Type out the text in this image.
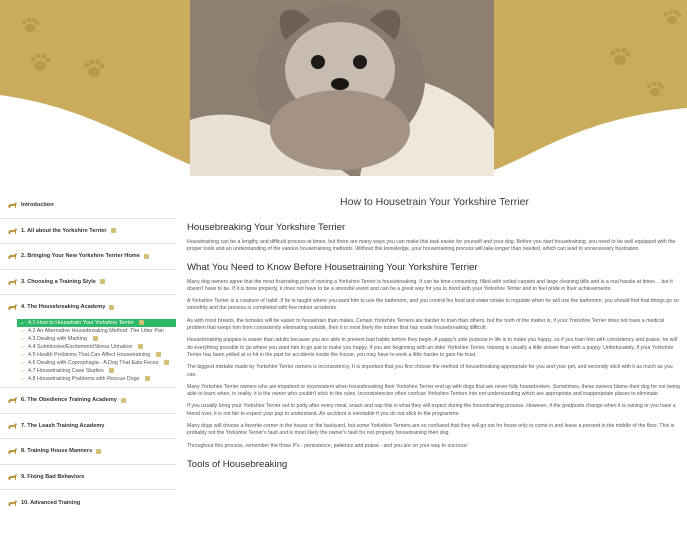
Introduction
1. All about the Yorkshire Terrier
2. Bringing Your New Yorkshire Terrier Home
3. Choosing a Training Style
4. The Housebreaking Academy
→ 4.1 How to Housetrain Your Yorkshire Terrier
→ 4.2 An Alternative Housebreaking Method: The Litter Pan
→ 4.3 Dealing with Marking
→ 4.4 Submissive/Excitement/Stress Urination
→ 4.5 Health Problems That Can Affect Housetraining
→ 4.6 Dealing with Coprophagia - A Dog That Eats Feces
→ 4.7 Housetraining Case Studies
→ 4.8 Housetraining Problems with Rescue Dogs
6. The Obedience Training Academy
7. The Leash Training Academy
8. Training House Manners
9. Fixing Bad Behaviors
10. Advanced Training
How to Housetrain Your Yorkshire Terrier
Housebreaking Your Yorkshire Terrier

Housetraining can be a lengthy and difficult process at times, but there are many ways you can make this task easier for yourself and your dog. Before you start housetraining, you need to be well equipped with the proper tools and an understanding of the various housetraining methods. Without this knowledge, your housetraining process will take longer than needed, which can lead to unnecessary frustration.

What You Need to Know Before Housetraining Your Yorkshire Terrier

Many dog owners agree that the most frustrating part of owning a Yorkshire Terrier is housebreaking. It can be time-consuming, filled with soiled carpets and large cleaning bills and is a real hassle at times… but it doesn't have to be. If it is done properly, it does not have to be a stressful event and can be a great way for you to bond with your Yorkshire Terrier and to feel pride in their achievements.

A Yorkshire Terrier is a creature of habit. If he is taught where you want him to use the bathroom, and you control his food and water intake to regulate when he will use the bathroom, you should find that things go so smoothly and the process is completed with few indoor accidents.

As with most breeds, the females will be easier to housetrain than males. Certain Yorkshire Terriers are harder to train than others, but the truth of the matter is, if your Yorkshire Terrier does not have a medical problem that keeps him from consistently eliminating outside, then it is most likely the trainer that has made housebreaking difficult.

Housebreaking puppies is easier than adults because you are able to prevent bad habits before they begin. A puppy's sole purpose in life is to make you happy, so if you train him with consistency and praise, he will do everything possible to go where you want him to go just to make you happy. If you are beginning with an older Yorkshire Terrier, training is usually a little slower than with a puppy. Unfortunately, if your Yorkshire Terrier has been yelled at or hit in the past for accidents inside the house, you may have to work a little harder to gain his trust.

The biggest mistake made by Yorkshire Terrier owners is inconsistency. It is important that you first choose the method of housebreaking appropriate for you and your pet, and secondly stick with it as much as you can.

Many Yorkshire Terrier owners who are impatient or inconsistent when housebreaking their Yorkshire Terrier end up with dogs that are never fully housebroken. Sometimes, these owners blame their dog for not being able to learn when, in reality, it is the owner who couldn't stick to the rules. Inconsistencies often confuse Yorkshire Terriers into not understanding which are appropriate and inappropriate places to eliminate.

If you usually bring your Yorkshire Terrier out to potty after every meal, snack and nap this is what they will expect during the housetraining process. However, if the goalposts change when it is raining or you have a friend over, it is not fair to expect your pup to understand. An accident is inevitable if you do not stick to the programme.

Many dogs will choose a favorite corner in the house or the backyard, but some Yorkshire Terriers are so confused that they will go out for hours only to come in and leave a present in the middle of the floor. This is probably not the Yorkshire Terrier's fault and is most likely the owner's fault for not properly housetraining their dog.

Throughout this process, remember the three P's - persistence, patience and praise - and you are on your way to success!

Tools of Housebreaking
